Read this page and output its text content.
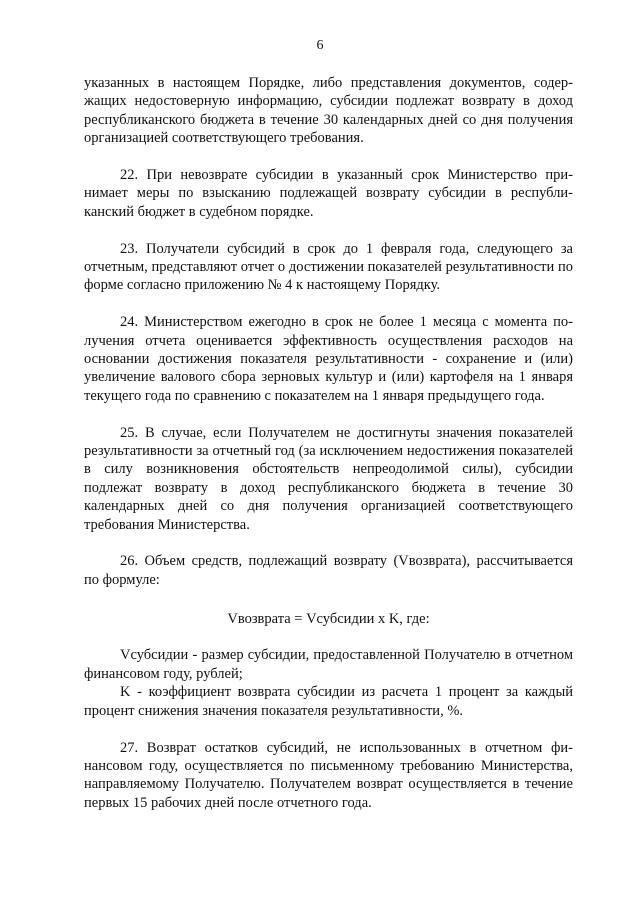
6

указанных в настоящем Порядке, либо представления документов, содержащих недостоверную информацию, субсидии подлежат возврату в доход республиканского бюджета в течение 30 календарных дней со дня получения организацией соответствующего требования.

22. При невозврате субсидии в указанный срок Министерство принимает меры по взысканию подлежащей возврату субсидии в республиканский бюджет в судебном порядке.

23. Получатели субсидий в срок до 1 февраля года, следующего за отчетным, представляют отчет о достижении показателей результативности по форме согласно приложению № 4 к настоящему Порядку.

24. Министерством ежегодно в срок не более 1 месяца с момента получения отчета оценивается эффективность осуществления расходов на основании достижения показателя результативности - сохранение и (или) увеличение валового сбора зерновых культур и (или) картофеля на 1 января текущего года по сравнению с показателем на 1 января предыдущего года.

25. В случае, если Получателем не достигнуты значения показателей результативности за отчетный год (за исключением недостижения показателей в силу возникновения обстоятельств непреодолимой силы), субсидии подлежат возврату в доход республиканского бюджета в течение 30 календарных дней со дня получения организацией соответствующего требования Министерства.

26. Объем средств, подлежащий возврату (Vвозврата), рассчитывается по формуле:

Vвозврата = Vсубсидии x K, где:

Vсубсидии - размер субсидии, предоставленной Получателю в отчетном финансовом году, рублей;

K - коэффициент возврата субсидии из расчета 1 процент за каждый процент снижения значения показателя результативности, %.

27. Возврат остатков субсидий, не использованных в отчетном финансовом году, осуществляется по письменному требованию Министерства, направляемому Получателю. Получателем возврат осуществляется в течение первых 15 рабочих дней после отчетного года.
